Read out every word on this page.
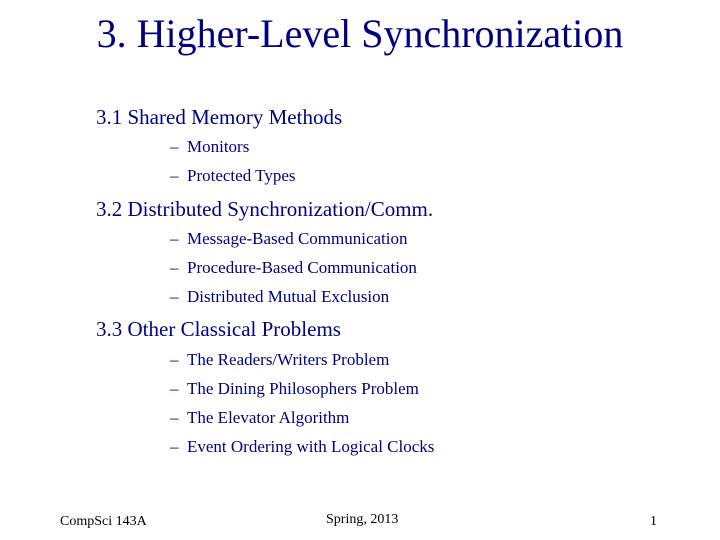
3. Higher-Level Synchronization
3.1 Shared Memory Methods
– Monitors
– Protected Types
3.2 Distributed Synchronization/Comm.
– Message-Based Communication
– Procedure-Based Communication
– Distributed Mutual Exclusion
3.3 Other Classical Problems
– The Readers/Writers Problem
– The Dining Philosophers Problem
– The Elevator Algorithm
– Event Ordering with Logical Clocks
CompSci 143A	Spring, 2013	1
